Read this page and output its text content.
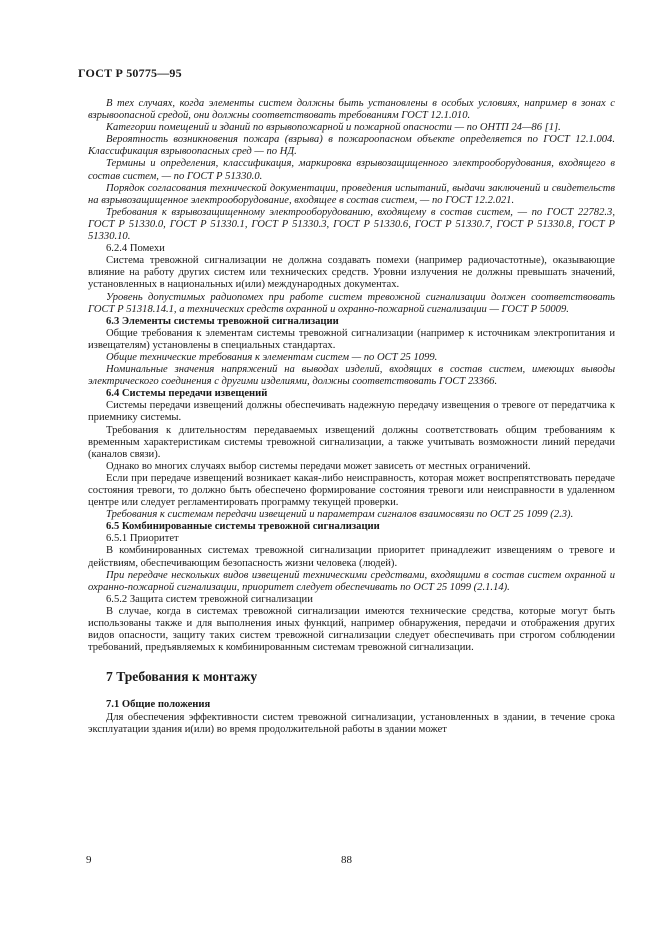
ГОСТ Р 50775—95

В тех случаях, когда элементы систем должны быть установлены в особых условиях, например в зонах с взрывоопасной средой, они должны соответствовать требованиям ГОСТ 12.1.010.

Категории помещений и зданий по взрывопожарной и пожарной опасности — по ОНТП 24—86 [1].

Вероятность возникновения пожара (взрыва) в пожароопасном объекте определяется по ГОСТ 12.1.004. Классификация взрывоопасных сред — по НД.

Термины и определения, классификация, маркировка взрывозащищенного электрооборудования, входящего в состав систем, — по ГОСТ Р 51330.0.

Порядок согласования технической документации, проведения испытаний, выдачи заключений и свидетельств на взрывозащищенное электрооборудование, входящее в состав систем, — по ГОСТ 12.2.021.

Требования к взрывозащищенному электрооборудованию, входящему в состав систем, — по ГОСТ 22782.3, ГОСТ Р 51330.0, ГОСТ Р 51330.1, ГОСТ Р 51330.3, ГОСТ Р 51330.6, ГОСТ Р 51330.7, ГОСТ Р 51330.8, ГОСТ Р 51330.10.

6.2.4 Помехи

Система тревожной сигнализации не должна создавать помехи (например радиочастотные), оказывающие влияние на работу других систем или технических средств. Уровни излучения не должны превышать значений, установленных в национальных и(или) международных документах.

Уровень допустимых радиопомех при работе систем тревожной сигнализации должен соответствовать ГОСТ Р 51318.14.1, а технических средств охранной и охранно-пожарной сигнализации — ГОСТ Р 50009.

6.3 Элементы системы тревожной сигнализации

Общие требования к элементам системы тревожной сигнализации (например к источникам электропитания и извещателям) установлены в специальных стандартах.

Общие технические требования к элементам систем — по ОСТ 25 1099.

Номинальные значения напряжений на выводах изделий, входящих в состав систем, имеющих выводы электрического соединения с другими изделиями, должны соответствовать ГОСТ 23366.

6.4 Системы передачи извещений

Системы передачи извещений должны обеспечивать надежную передачу извещения о тревоге от передатчика к приемнику системы.

Требования к длительностям передаваемых извещений должны соответствовать общим требованиям к временным характеристикам системы тревожной сигнализации, а также учитывать возможности линий передачи (каналов связи).

Однако во многих случаях выбор системы передачи может зависеть от местных ограничений.

Если при передаче извещений возникает какая-либо неисправность, которая может воспрепятствовать передаче состояния тревоги, то должно быть обеспечено формирование состояния тревоги или неисправности в удаленном центре или следует регламентировать программу текущей проверки.

Требования к системам передачи извещений и параметрам сигналов взаимосвязи по ОСТ 25 1099 (2.3).

6.5 Комбинированные системы тревожной сигнализации

6.5.1 Приоритет

В комбинированных системах тревожной сигнализации приоритет принадлежит извещениям о тревоге и действиям, обеспечивающим безопасность жизни человека (людей).

При передаче нескольких видов извещений техническими средствами, входящими в состав систем охранной и охранно-пожарной сигнализации, приоритет следует обеспечивать по ОСТ 25 1099 (2.1.14).

6.5.2 Защита систем тревожной сигнализации

В случае, когда в системах тревожной сигнализации имеются технические средства, которые могут быть использованы также и для выполнения иных функций, например обнаружения, передачи и отображения других видов опасности, защиту таких систем тревожной сигнализации следует обеспечивать при строгом соблюдении требований, предъявляемых к комбинированным системам тревожной сигнализации.

7 Требования к монтажу

7.1 Общие положения

Для обеспечения эффективности систем тревожной сигнализации, установленных в здании, в течение срока эксплуатации здания и(или) во время продолжительной работы в здании может

9	88
